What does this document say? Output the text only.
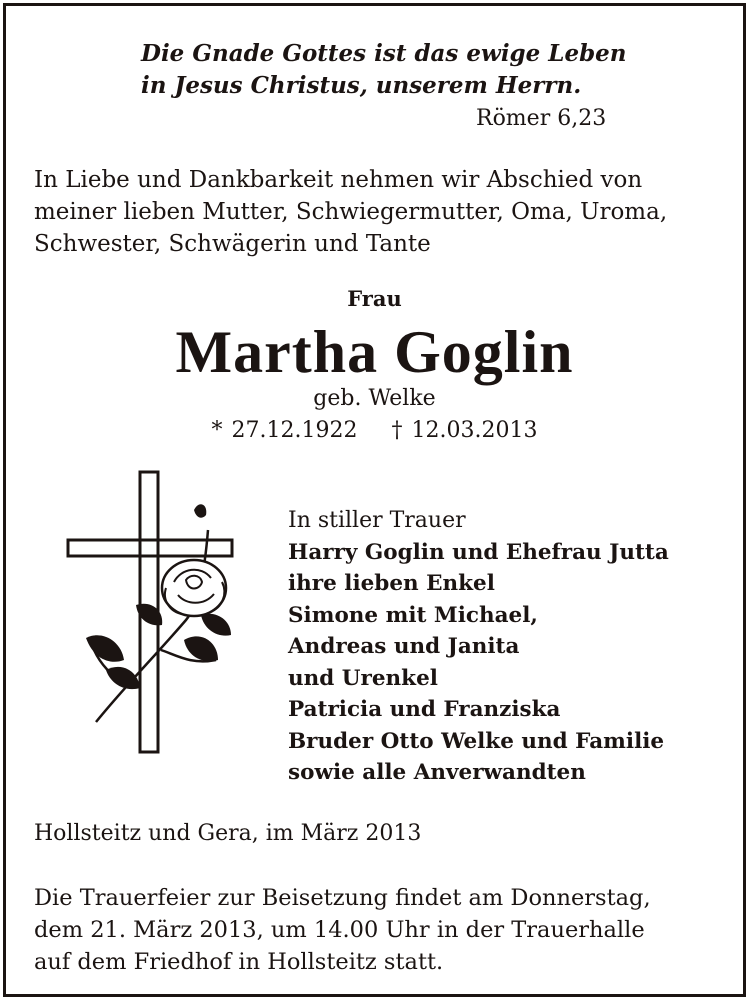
Die Gnade Gottes ist das ewige Leben
in Jesus Christus, unserem Herrn.
Römer 6,23
In Liebe und Dankbarkeit nehmen wir Abschied von
meiner lieben Mutter, Schwiegermutter, Oma, Uroma,
Schwester, Schwägerin und Tante
Frau
Martha Goglin
geb. Welke
* 27.12.1922 † 12.03.2013
In stiller Trauer
Harry Goglin und Ehefrau Jutta
ihre lieben Enkel
Simone mit Michael,
Andreas und Janita
und Urenkel
Patricia und Franziska
Bruder Otto Welke und Familie
sowie alle Anverwandten
Hollsteitz und Gera, im März 2013
Die Trauerfeier zur Beisetzung findet am Donnerstag,
dem 21. März 2013, um 14.00 Uhr in der Trauerhalle
auf dem Friedhof in Hollsteitz statt.
